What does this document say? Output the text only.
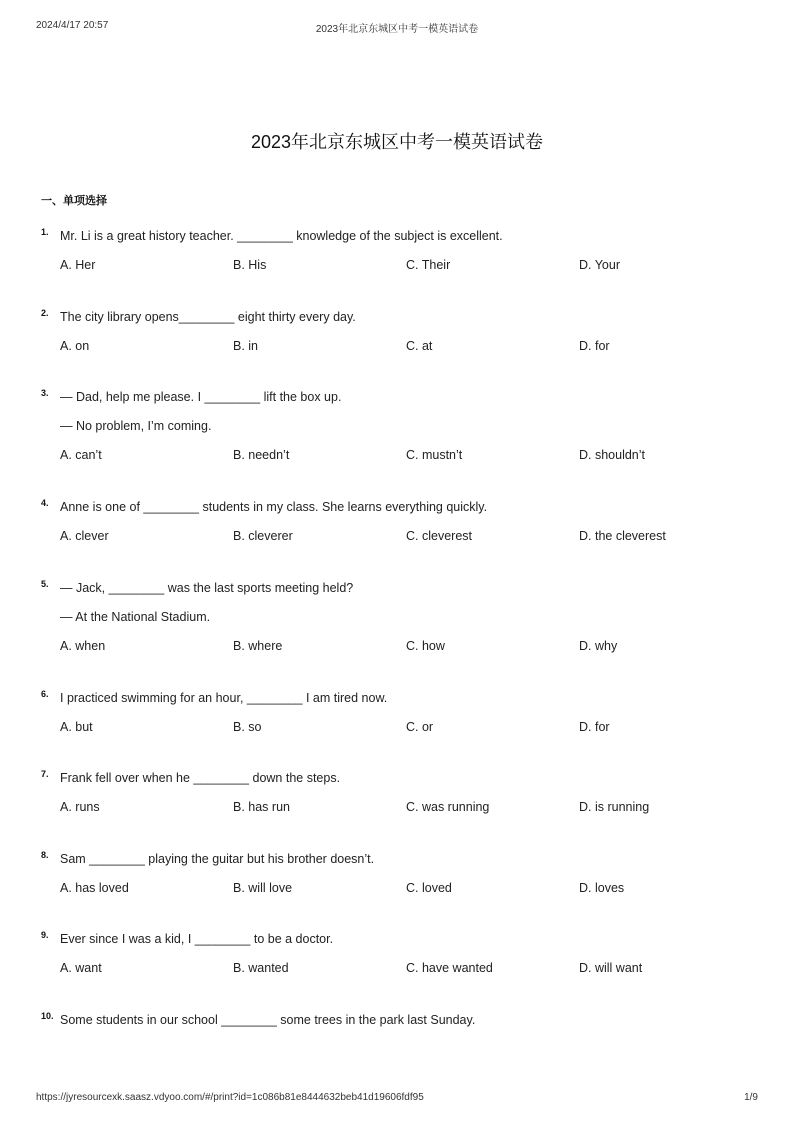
2024/4/17 20:57	2023年北京东城区中考一模英语试卷
2023年北京东城区中考一模英语试卷
一、单项选择
1. Mr. Li is a great history teacher. ________ knowledge of the subject is excellent.
A. Her	B. His	C. Their	D. Your
2. The city library opens________ eight thirty every day.
A. on	B. in	C. at	D. for
3. — Dad, help me please. I ________ lift the box up.
— No problem, I’m coming.
A. can’t	B. needn’t	C. mustn’t	D. shouldn’t
4. Anne is one of ________ students in my class. She learns everything quickly.
A. clever	B. cleverer	C. cleverest	D. the cleverest
5. — Jack, ________ was the last sports meeting held?
— At the National Stadium.
A. when	B. where	C. how	D. why
6. I practiced swimming for an hour, ________ I am tired now.
A. but	B. so	C. or	D. for
7. Frank fell over when he ________ down the steps.
A. runs	B. has run	C. was running	D. is running
8. Sam ________ playing the guitar but his brother doesn’t.
A. has loved	B. will love	C. loved	D. loves
9. Ever since I was a kid, I ________ to be a doctor.
A. want	B. wanted	C. have wanted	D. will want
10. Some students in our school ________ some trees in the park last Sunday.
https://jyresourcexk.saasz.vdyoo.com/#/print?id=1c086b81e8444632beb41d19606fdf95	1/9
